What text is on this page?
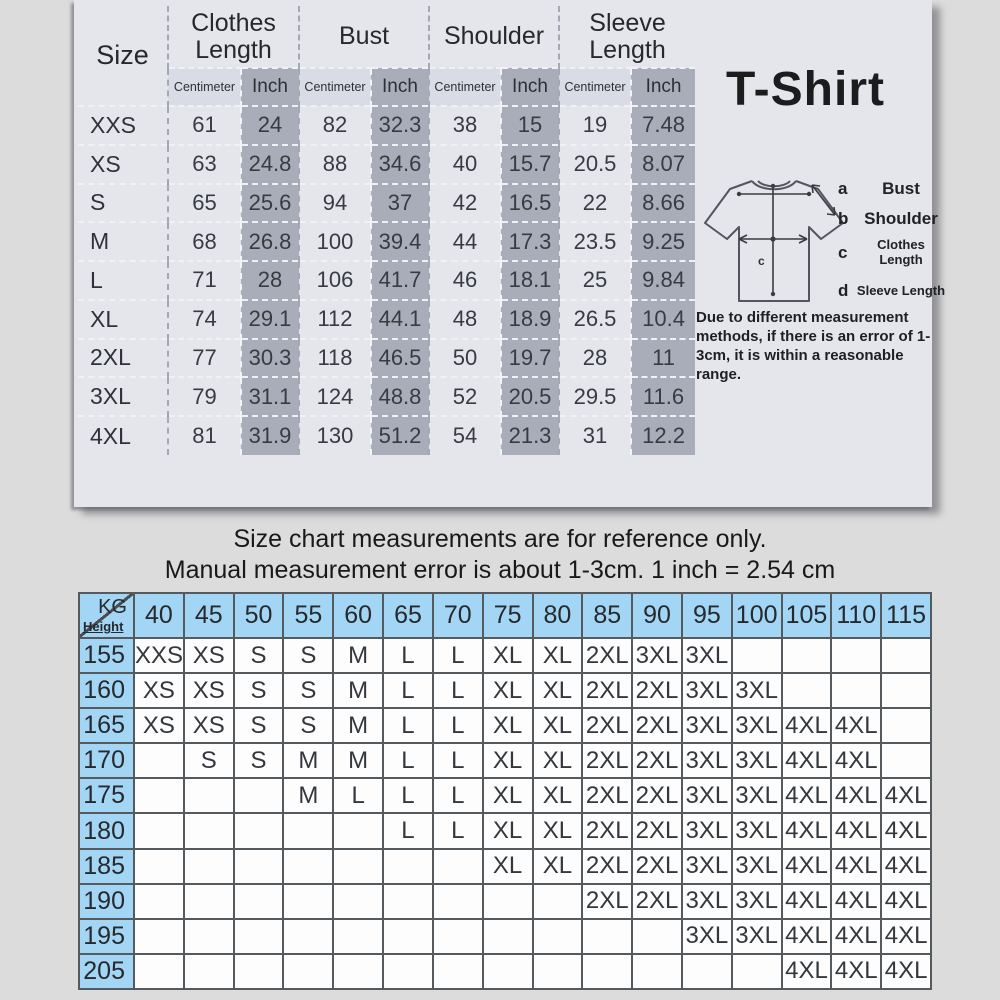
Size	Clothes Length		Bust		Shoulder		Sleeve Length	
	Centimeter	Inch	Centimeter	Inch	Centimeter	Inch	Centimeter	Inch
XXS	61	24	82	32.3	38	15	19	7.48
XS	63	24.8	88	34.6	40	15.7	20.5	8.07
S	65	25.6	94	37	42	16.5	22	8.66
M	68	26.8	100	39.4	44	17.3	23.5	9.25
L	71	28	106	41.7	46	18.1	25	9.84
XL	74	29.1	112	44.1	48	18.9	26.5	10.4
2XL	77	30.3	118	46.5	50	19.7	28	11
3XL	79	31.1	124	48.8	52	20.5	29.5	11.6
4XL	81	31.9	130	51.2	54	21.3	31	12.2
T-Shirt
c
a	Bust
b Shoulder
c	Clothes Length
d Sleeve Length
Due to different measurement methods, if there is an error of 1-3cm, it is within a reasonable range.
Size chart measurements are for reference only.
Manual measurement error is about 1-3cm. 1 inch = 2.54 cm
KG
Height	40	45	50	55	60	65	70	75	80	85	90	95	100	105	110	115
155	XXS	XS	S	S	M	L	L	XL	XL	2XL	3XL	3XL				
160	XS	XS	S	S	M	L	L	XL	XL	2XL	2XL	3XL	3XL			
165	XS	XS	S	S	M	L	L	XL	XL	2XL	2XL	3XL	3XL	4XL	4XL	
170		S	S	M	M	L	L	XL	XL	2XL	2XL	3XL	3XL	4XL	4XL	
175				M	L	L	L	XL	XL	2XL	2XL	3XL	3XL	4XL	4XL	4XL
180						L	L	XL	XL	2XL	2XL	3XL	3XL	4XL	4XL	4XL
185								XL	XL	2XL	2XL	3XL	3XL	4XL	4XL	4XL
190										2XL	2XL	3XL	3XL	4XL	4XL	4XL
195												3XL	3XL	4XL	4XL	4XL
205														4XL	4XL	4XL
